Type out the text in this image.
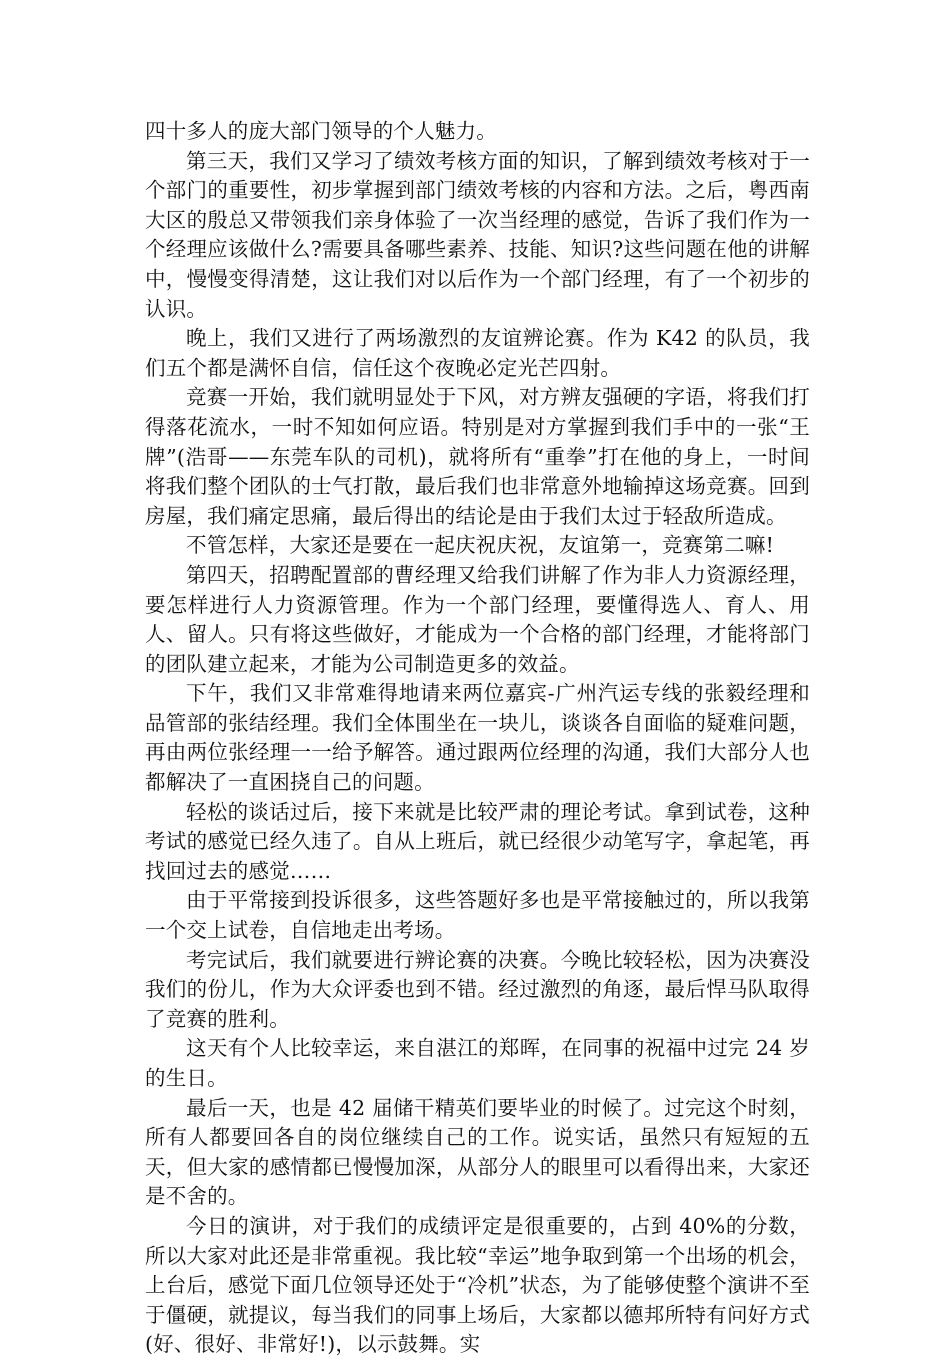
四十多人的庞大部门领导的个人魅力。

第三天，我们又学习了绩效考核方面的知识，了解到绩效考核对于一个部门的重要性，初步掌握到部门绩效考核的内容和方法。之后，粤西南大区的殷总又带领我们亲身体验了一次当经理的感觉，告诉了我们作为一个经理应该做什么?需要具备哪些素养、技能、知识?这些问题在他的讲解中，慢慢变得清楚，这让我们对以后作为一个部门经理，有了一个初步的认识。

晚上，我们又进行了两场激烈的友谊辨论赛。作为 K42 的队员，我们五个都是满怀自信，信任这个夜晚必定光芒四射。

竞赛一开始，我们就明显处于下风，对方辨友强硬的字语，将我们打得落花流水，一时不知如何应语。特别是对方掌握到我们手中的一张“王牌”(浩哥——东莞车队的司机)，就将所有“重拳”打在他的身上，一时间将我们整个团队的士气打散，最后我们也非常意外地输掉这场竞赛。回到房屋，我们痛定思痛，最后得出的结论是由于我们太过于轻敌所造成。

不管怎样，大家还是要在一起庆祝庆祝，友谊第一，竞赛第二嘛!

第四天，招聘配置部的曹经理又给我们讲解了作为非人力资源经理，要怎样进行人力资源管理。作为一个部门经理，要懂得选人、育人、用人、留人。只有将这些做好，才能成为一个合格的部门经理，才能将部门的团队建立起来，才能为公司制造更多的效益。

下午，我们又非常难得地请来两位嘉宾-广州汽运专线的张毅经理和品管部的张结经理。我们全体围坐在一块儿，谈谈各自面临的疑难问题，再由两位张经理一一给予解答。通过跟两位经理的沟通，我们大部分人也都解决了一直困挠自己的问题。

轻松的谈话过后，接下来就是比较严肃的理论考试。拿到试卷，这种考试的感觉已经久违了。自从上班后，就已经很少动笔写字，拿起笔，再找回过去的感觉……

由于平常接到投诉很多，这些答题好多也是平常接触过的，所以我第一个交上试卷，自信地走出考场。

考完试后，我们就要进行辨论赛的决赛。今晚比较轻松，因为决赛没我们的份儿，作为大众评委也到不错。经过激烈的角逐，最后悍马队取得了竞赛的胜利。

这天有个人比较幸运，来自湛江的郑晖，在同事的祝福中过完 24 岁的生日。

最后一天，也是 42 届储干精英们要毕业的时候了。过完这个时刻，所有人都要回各自的岗位继续自己的工作。说实话，虽然只有短短的五天，但大家的感情都已慢慢加深，从部分人的眼里可以看得出来，大家还是不舍的。

今日的演讲，对于我们的成绩评定是很重要的，占到 40%的分数，所以大家对此还是非常重视。我比较“幸运”地争取到第一个出场的机会，上台后，感觉下面几位领导还处于“冷机”状态，为了能够使整个演讲不至于僵硬，就提议，每当我们的同事上场后，大家都以德邦所特有问好方式(好、很好、非常好!)，以示鼓舞。实
